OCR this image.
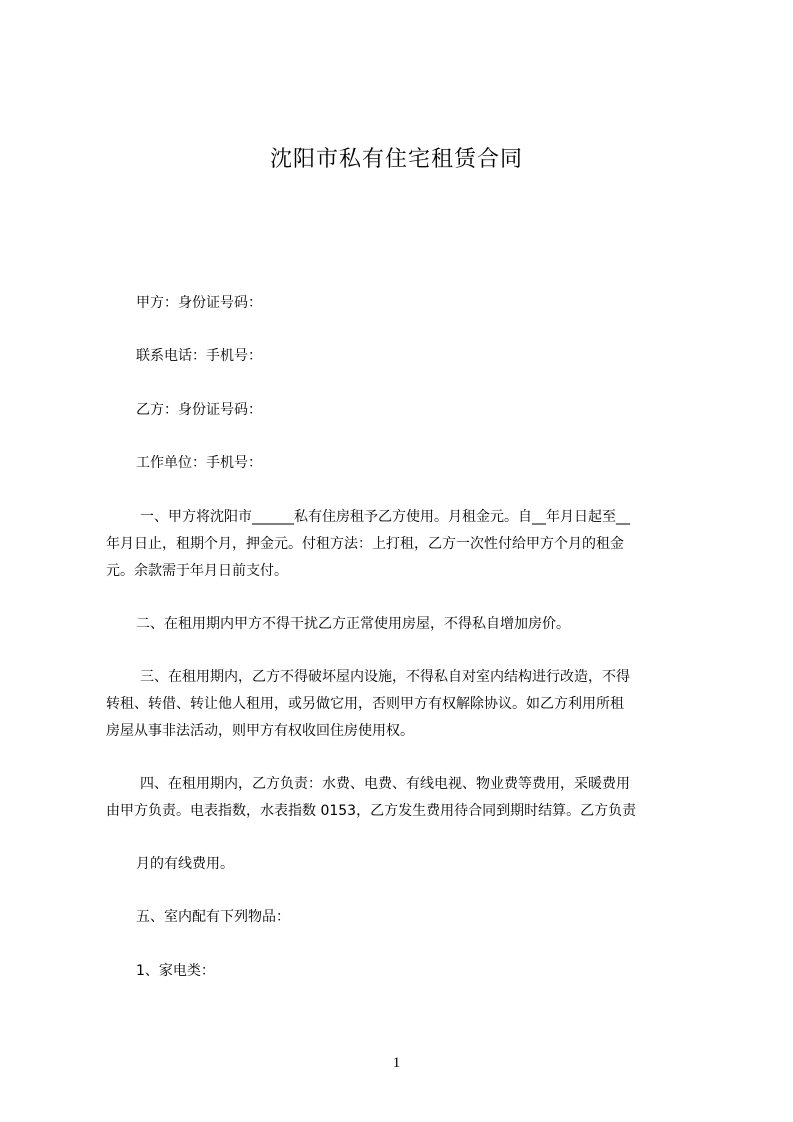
沈阳市私有住宅租赁合同
甲方：身份证号码：
联系电话：手机号：
乙方：身份证号码：
工作单位：手机号：
一、甲方将沈阳市______私有住房租予乙方使用。月租金元。自__年月日起至__
年月日止，租期个月，押金元。付租方法：上打租，乙方一次性付给甲方个月的租金
元。余款需于年月日前支付。
二、在租用期内甲方不得干扰乙方正常使用房屋，不得私自增加房价。
三、在租用期内，乙方不得破坏屋内设施，不得私自对室内结构进行改造，不得
转租、转借、转让他人租用，或另做它用，否则甲方有权解除协议。如乙方利用所租
房屋从事非法活动，则甲方有权收回住房使用权。
四、在租用期内，乙方负责：水费、电费、有线电视、物业费等费用，采暖费用
由甲方负责。电表指数，水表指数 0153，乙方发生费用待合同到期时结算。乙方负责
月的有线费用。
五、室内配有下列物品：
1、家电类：
1
